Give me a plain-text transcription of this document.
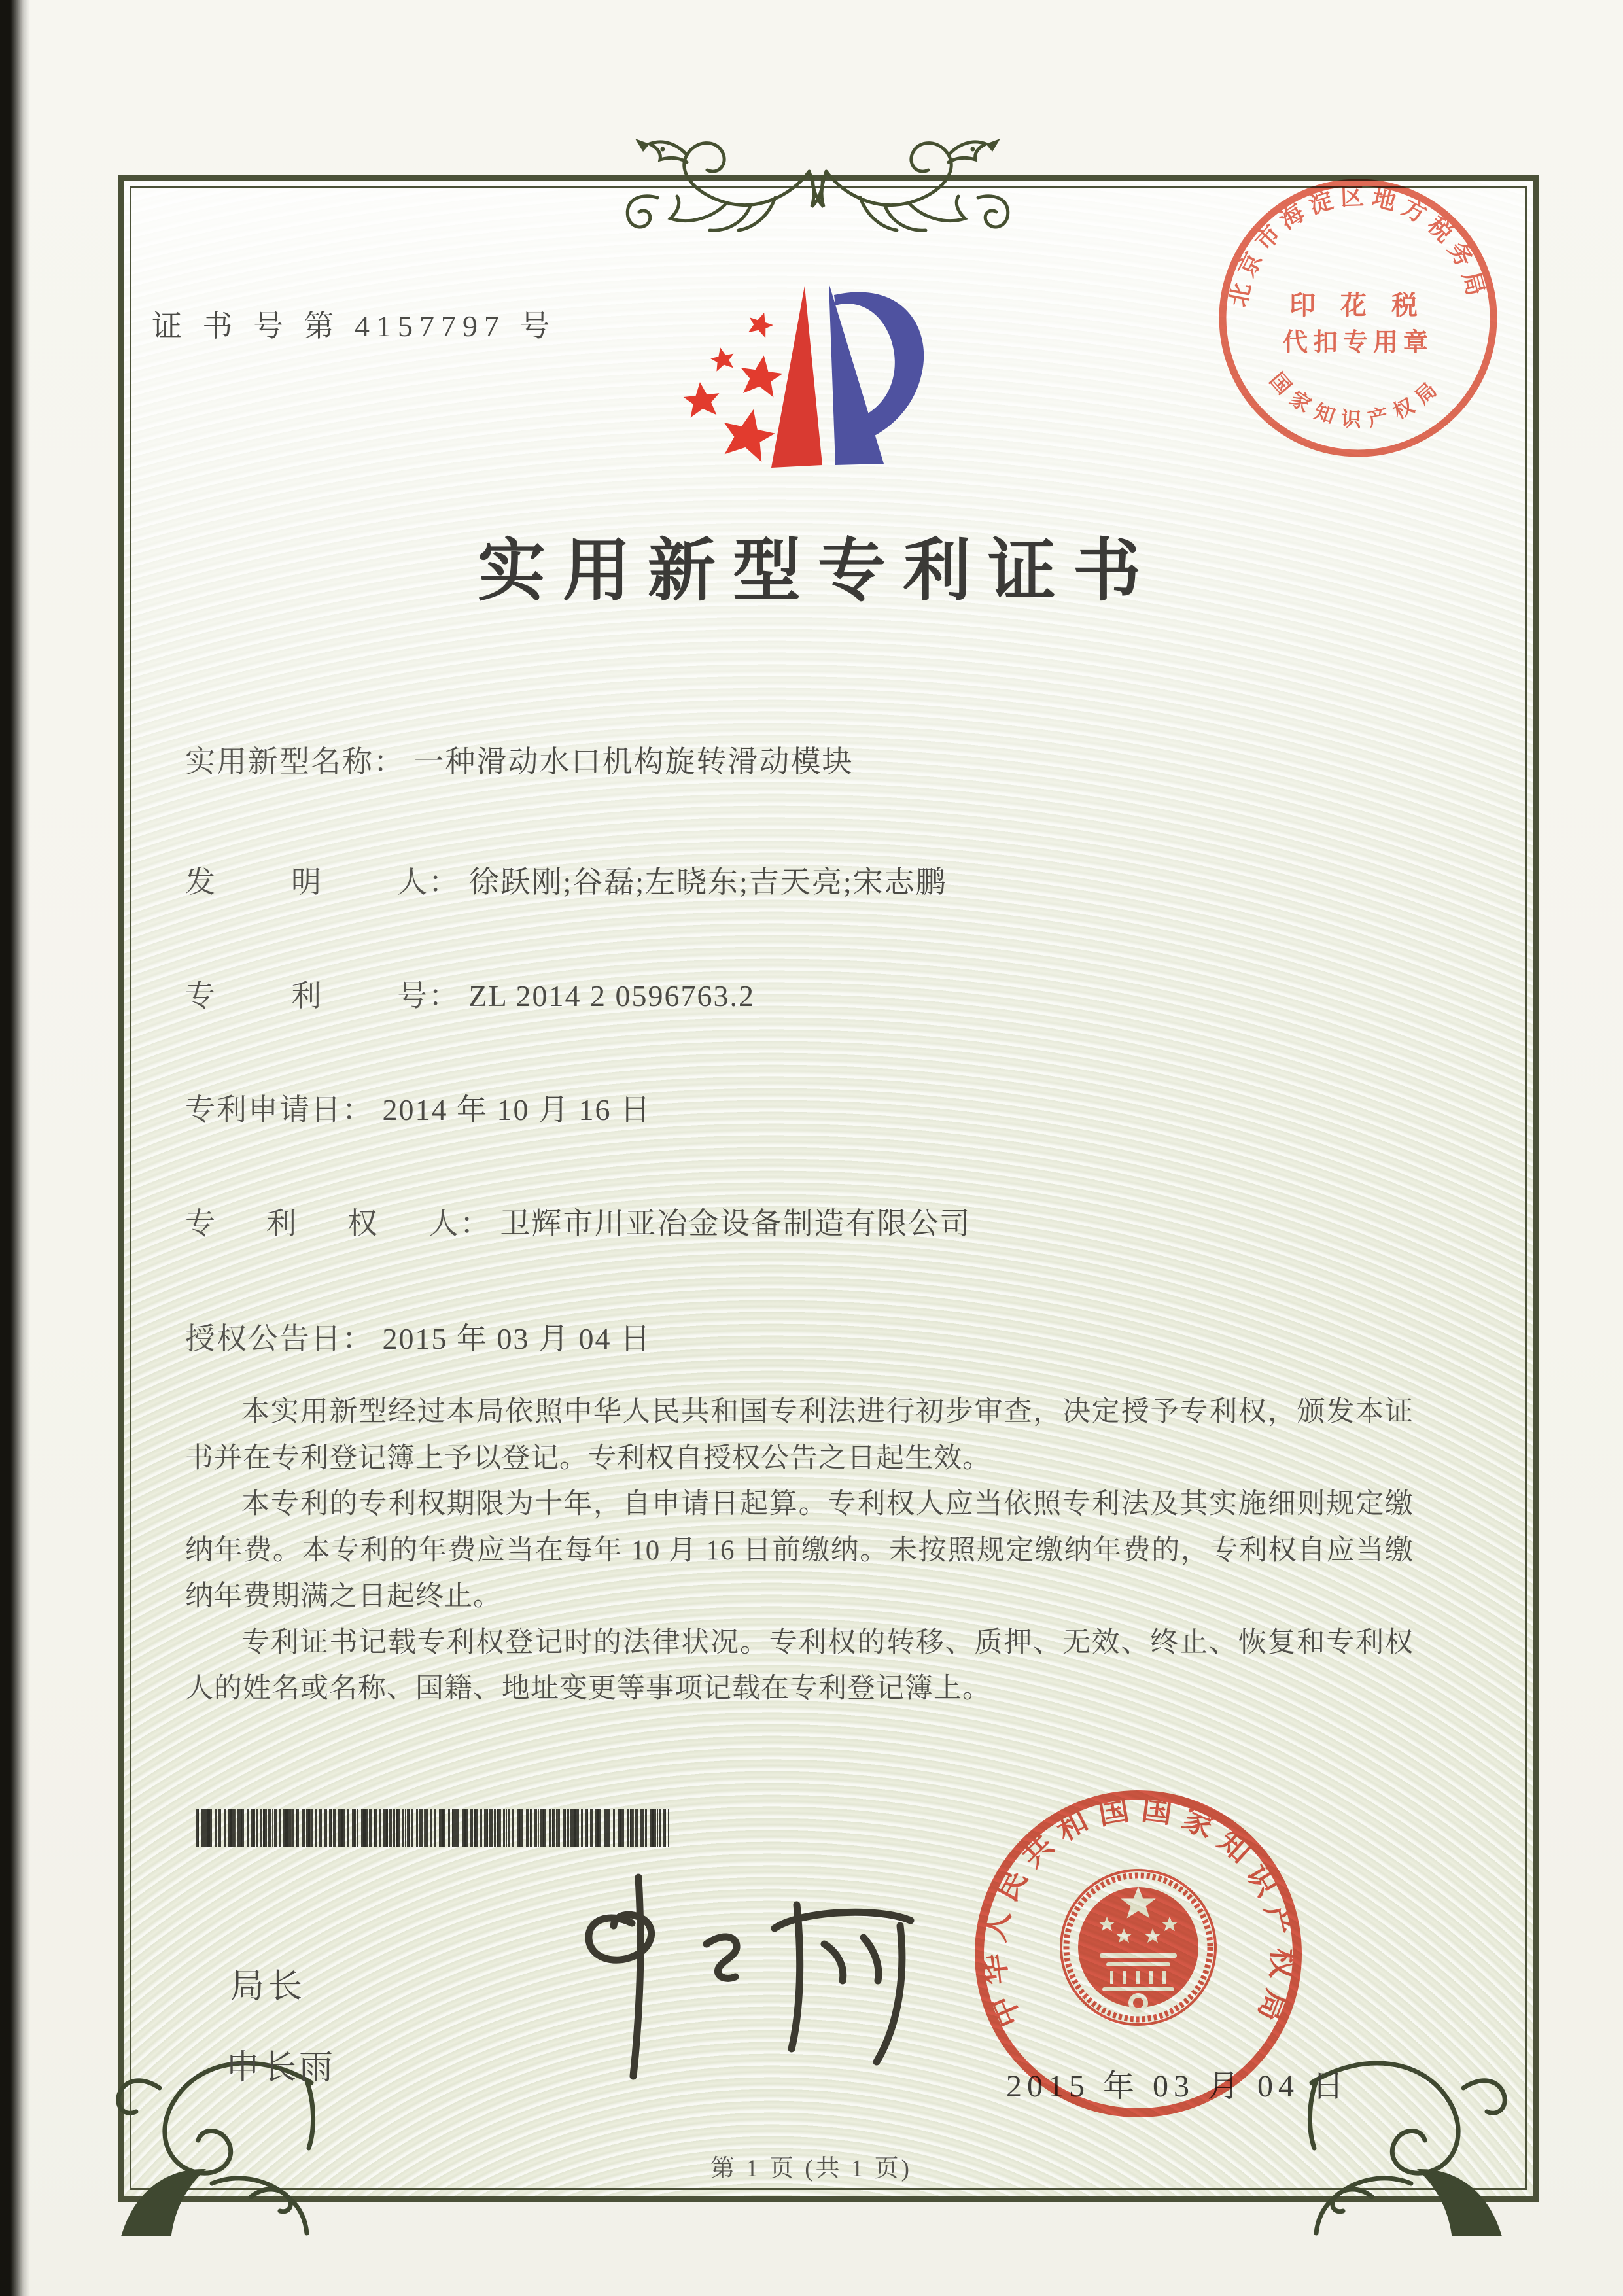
证 书 号 第 4157797 号
北京市海淀区地方税务局
国家知识产权局
印 花 税
代扣专用章
实用新型专利证书
实用新型名称： 一种滑动水口机构旋转滑动模块
发明人： 徐跃刚;谷磊;左晓东;吉天亮;宋志鹏
专利号： ZL 2014 2 0596763.2
专利申请日： 2014 年 10 月 16 日
专利权人： 卫辉市川亚冶金设备制造有限公司
授权公告日： 2015 年 03 月 04 日

本实用新型经过本局依照中华人民共和国专利法进行初步审查，决定授予专利权，颁发本证书并在专利登记簿上予以登记。专利权自授权公告之日起生效。

本专利的专利权期限为十年，自申请日起算。专利权人应当依照专利法及其实施细则规定缴纳年费。本专利的年费应当在每年 10 月 16 日前缴纳。未按照规定缴纳年费的，专利权自应当缴纳年费期满之日起终止。

专利证书记载专利权登记时的法律状况。专利权的转移、质押、无效、终止、恢复和专利权人的姓名或名称、国籍、地址变更等事项记载在专利登记簿上。

局长
申长雨	2015 年 03 月 04 日
中华人民共和国国家知识产权局
第 1 页 (共 1 页)
